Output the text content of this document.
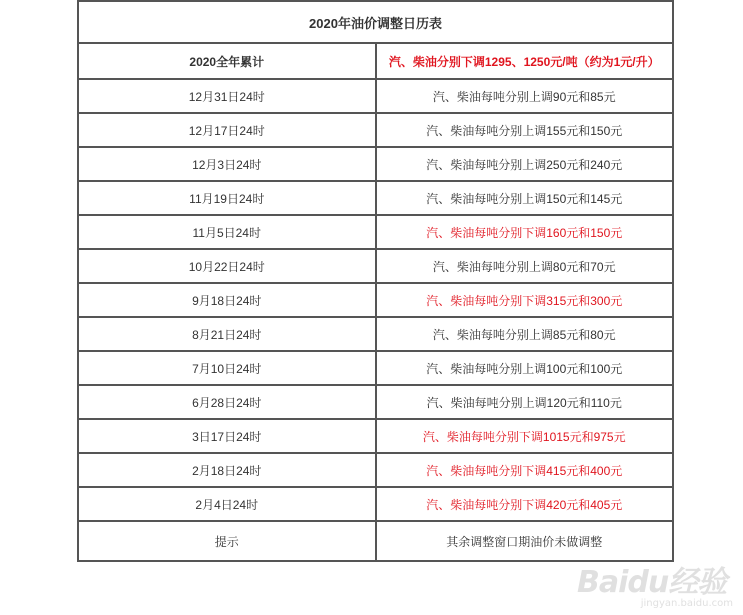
2020年油价调整日历表	
2020全年累计	汽、柴油分别下调1295、1250元/吨（约为1元/升）
12月31日24时	汽、柴油每吨分别上调90元和85元
12月17日24时	汽、柴油每吨分别上调155元和150元
12月3日24时	汽、柴油每吨分别上调250元和240元
11月19日24时	汽、柴油每吨分别上调150元和145元
11月5日24时	汽、柴油每吨分别下调160元和150元
10月22日24时	汽、柴油每吨分别上调80元和70元
9月18日24时	汽、柴油每吨分别下调315元和300元
8月21日24时	汽、柴油每吨分别上调85元和80元
7月10日24时	汽、柴油每吨分别上调100元和100元
6月28日24时	汽、柴油每吨分别上调120元和110元
3日17日24时	汽、柴油每吨分别下调1015元和975元
2月18日24时	汽、柴油每吨分别下调415元和400元
2月4日24时	汽、柴油每吨分别下调420元和405元
提示	其余调整窗口期油价未做调整
Baidu经验
jingyan.baidu.com
